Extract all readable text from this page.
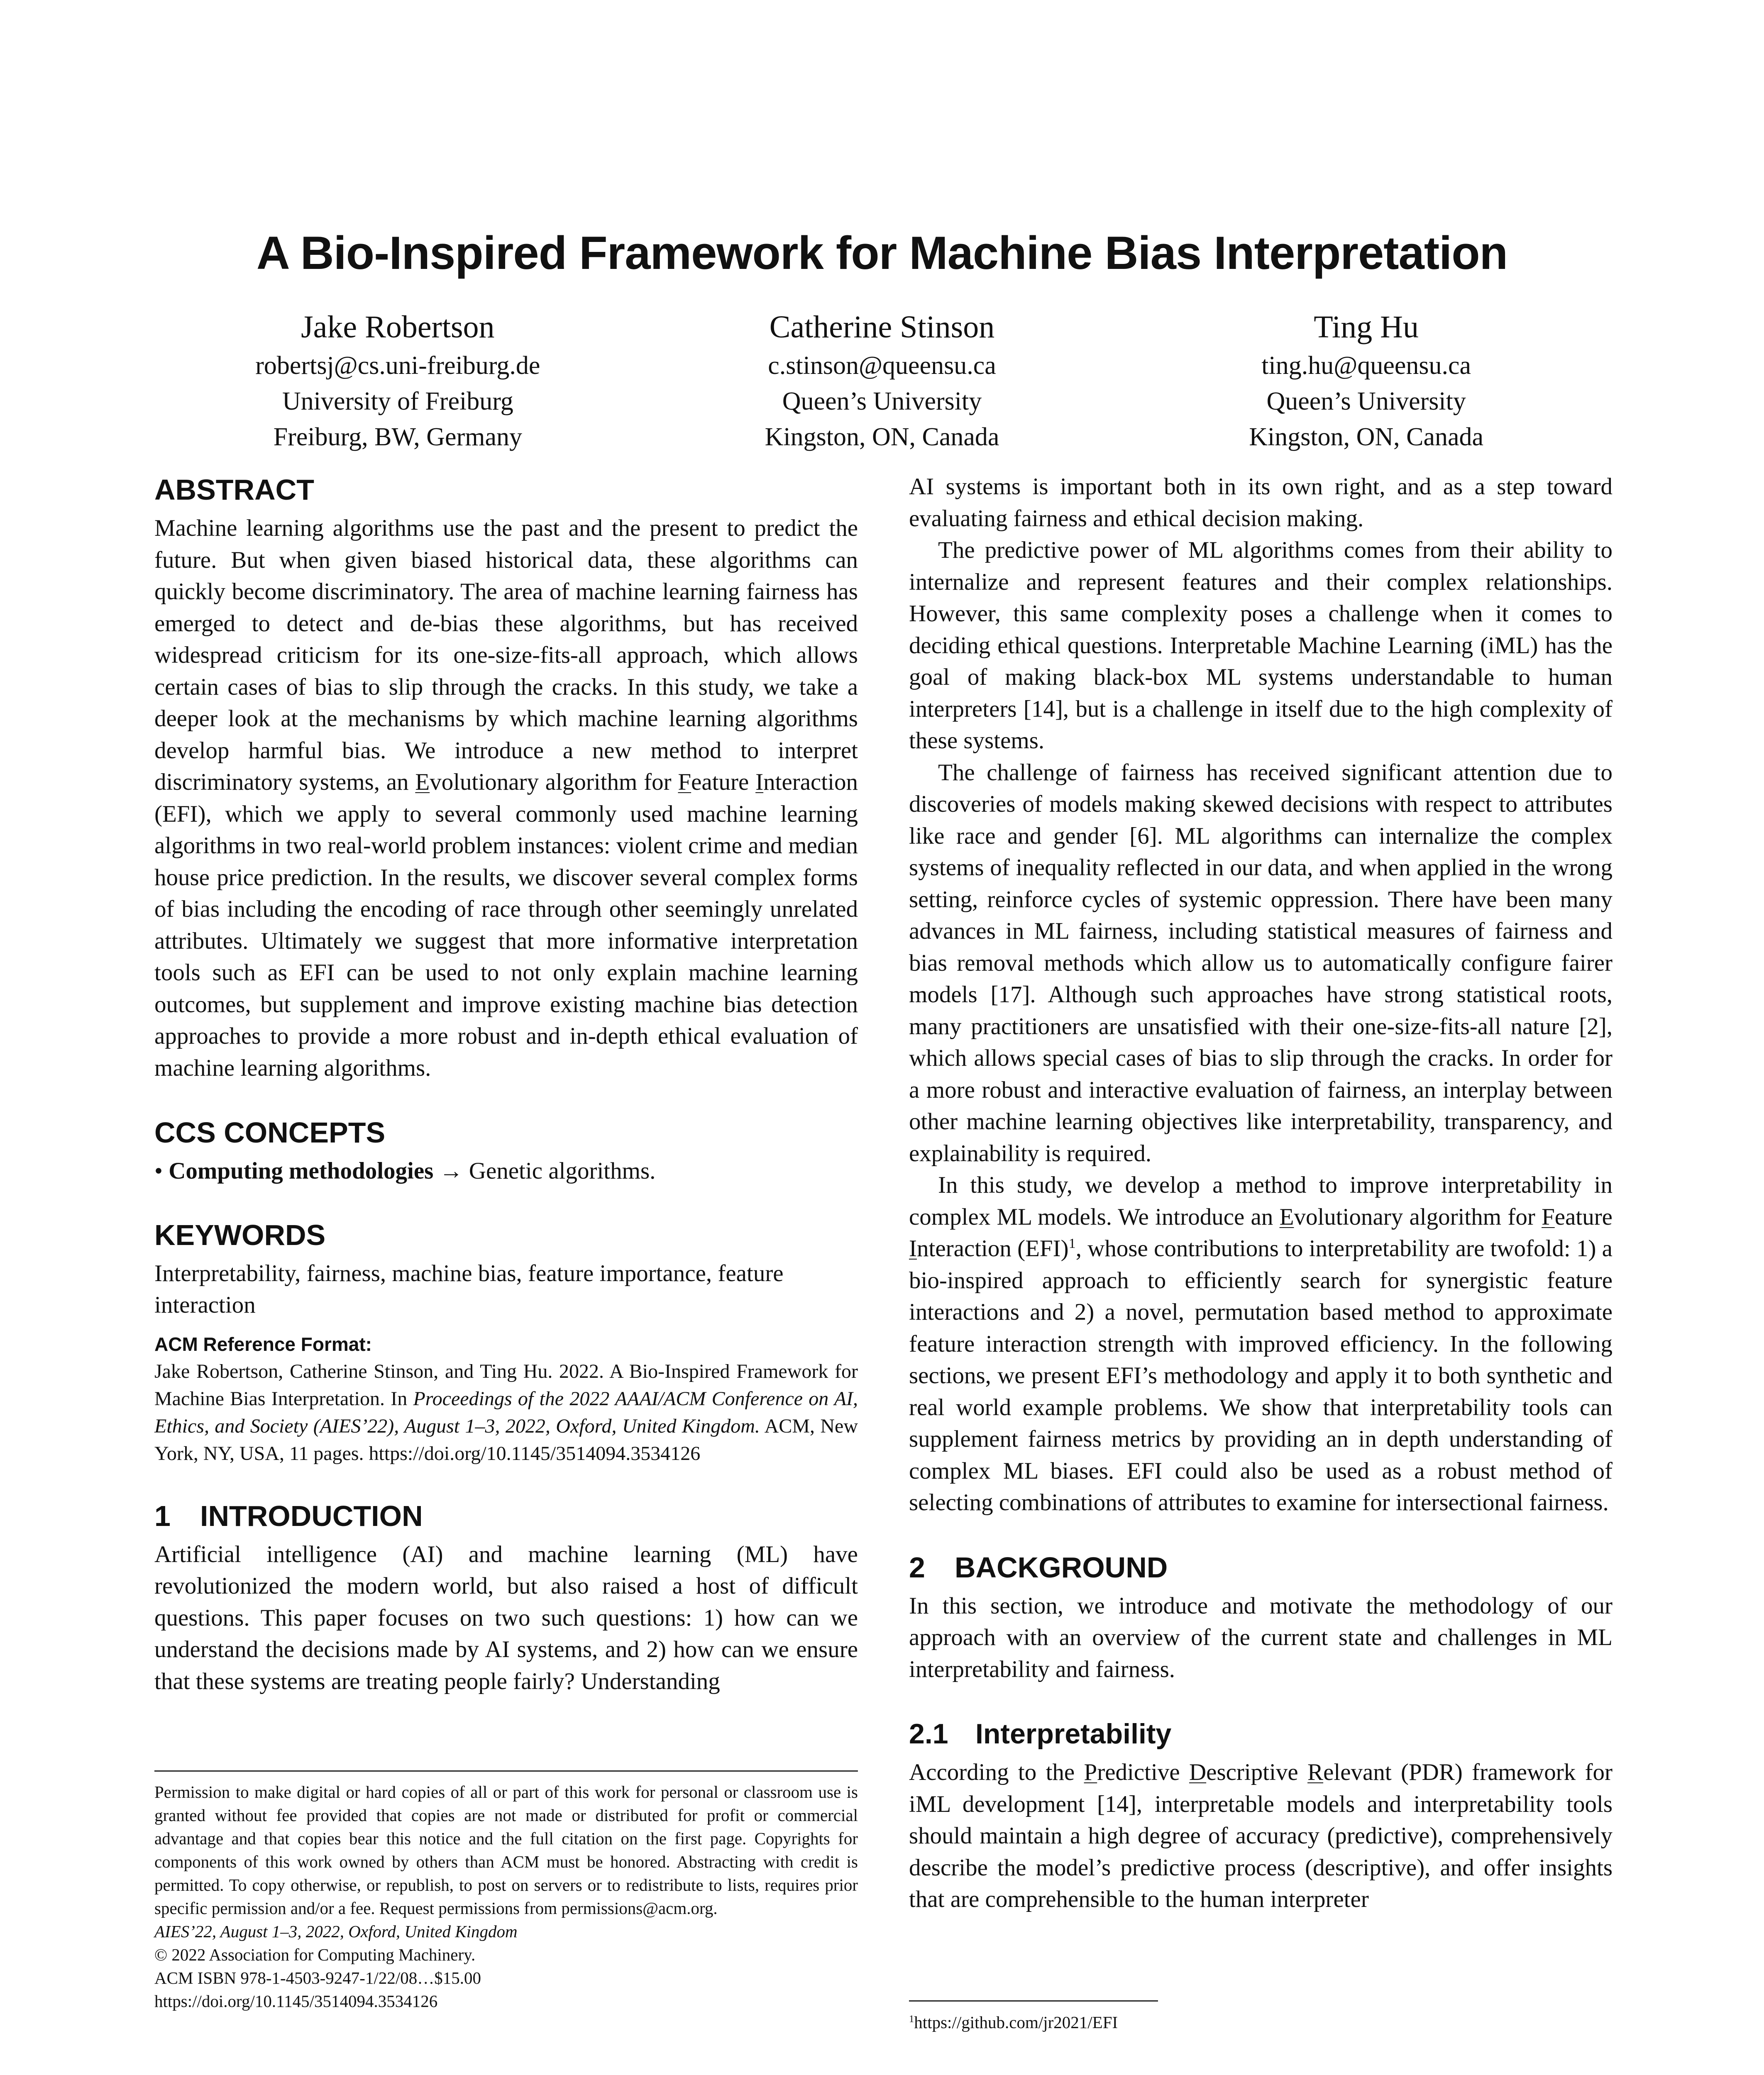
A Bio-Inspired Framework for Machine Bias Interpretation
Jake Robertson
robertsj@cs.uni-freiburg.de
University of Freiburg
Freiburg, BW, Germany
Catherine Stinson
c.stinson@queensu.ca
Queen’s University
Kingston, ON, Canada
Ting Hu
ting.hu@queensu.ca
Queen’s University
Kingston, ON, Canada
ABSTRACT

Machine learning algorithms use the past and the present to predict the future. But when given biased historical data, these algorithms can quickly become discriminatory. The area of machine learning fairness has emerged to detect and de-bias these algorithms, but has received widespread criticism for its one-size-fits-all approach, which allows certain cases of bias to slip through the cracks. In this study, we take a deeper look at the mechanisms by which machine learning algorithms develop harmful bias. We introduce a new method to interpret discriminatory systems, an Evolutionary algorithm for Feature Interaction (EFI), which we apply to several commonly used machine learning algorithms in two real-world problem instances: violent crime and median house price prediction. In the results, we discover several complex forms of bias including the encoding of race through other seemingly unrelated attributes. Ultimately we suggest that more informative interpretation tools such as EFI can be used to not only explain machine learning outcomes, but supplement and improve existing machine bias detection approaches to provide a more robust and in-depth ethical evaluation of machine learning algorithms.

CCS CONCEPTS

• Computing methodologies → Genetic algorithms.

KEYWORDS

Interpretability, fairness, machine bias, feature importance, feature interaction

ACM Reference Format:
Jake Robertson, Catherine Stinson, and Ting Hu. 2022. A Bio-Inspired Framework for Machine Bias Interpretation. In Proceedings of the 2022 AAAI/ACM Conference on AI, Ethics, and Society (AIES’22), August 1–3, 2022, Oxford, United Kingdom. ACM, New York, NY, USA, 11 pages. https://doi.org/10.1145/3514094.3534126
1 INTRODUCTION

Artificial intelligence (AI) and machine learning (ML) have revolutionized the modern world, but also raised a host of difficult questions. This paper focuses on two such questions: 1) how can we understand the decisions made by AI systems, and 2) how can we ensure that these systems are treating people fairly? Understanding

Permission to make digital or hard copies of all or part of this work for personal or classroom use is granted without fee provided that copies are not made or distributed for profit or commercial advantage and that copies bear this notice and the full citation on the first page. Copyrights for components of this work owned by others than ACM must be honored. Abstracting with credit is permitted. To copy otherwise, or republish, to post on servers or to redistribute to lists, requires prior specific permission and/or a fee. Request permissions from permissions@acm.org.
AIES’22, August 1–3, 2022, Oxford, United Kingdom
© 2022 Association for Computing Machinery.
ACM ISBN 978-1-4503-9247-1/22/08…$15.00
https://doi.org/10.1145/3514094.3534126

AI systems is important both in its own right, and as a step toward evaluating fairness and ethical decision making.

The predictive power of ML algorithms comes from their ability to internalize and represent features and their complex relationships. However, this same complexity poses a challenge when it comes to deciding ethical questions. Interpretable Machine Learning (iML) has the goal of making black-box ML systems understandable to human interpreters [14], but is a challenge in itself due to the high complexity of these systems.

The challenge of fairness has received significant attention due to discoveries of models making skewed decisions with respect to attributes like race and gender [6]. ML algorithms can internalize the complex systems of inequality reflected in our data, and when applied in the wrong setting, reinforce cycles of systemic oppression. There have been many advances in ML fairness, including statistical measures of fairness and bias removal methods which allow us to automatically configure fairer models [17]. Although such approaches have strong statistical roots, many practitioners are unsatisfied with their one-size-fits-all nature [2], which allows special cases of bias to slip through the cracks. In order for a more robust and interactive evaluation of fairness, an interplay between other machine learning objectives like interpretability, transparency, and explainability is required.

In this study, we develop a method to improve interpretability in complex ML models. We introduce an Evolutionary algorithm for Feature Interaction (EFI)$^1$, whose contributions to interpretability are twofold: 1) a bio-inspired approach to efficiently search for synergistic feature interactions and 2) a novel, permutation based method to approximate feature interaction strength with improved efficiency. In the following sections, we present EFI’s methodology and apply it to both synthetic and real world example problems. We show that interpretability tools can supplement fairness metrics by providing an in depth understanding of complex ML biases. EFI could also be used as a robust method of selecting combinations of attributes to examine for intersectional fairness.

2 BACKGROUND

In this section, we introduce and motivate the methodology of our approach with an overview of the current state and challenges in ML interpretability and fairness.

2.1 Interpretability

According to the Predictive Descriptive Relevant (PDR) framework for iML development [14], interpretable models and interpretability tools should maintain a high degree of accuracy (predictive), comprehensively describe the model’s predictive process (descriptive), and offer insights that are comprehensible to the human interpreter

$^1$https://github.com/jr2021/EFI
